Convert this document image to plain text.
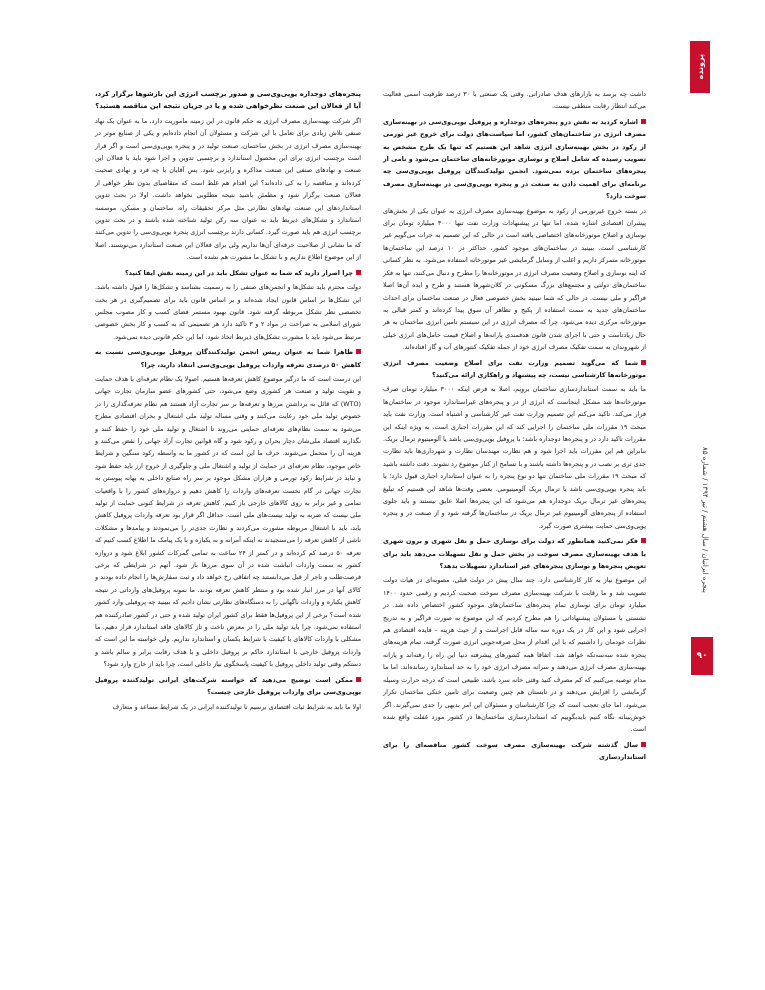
پرونده

داشت چه برسد به بازارهای هدف صادراتی. وقتی یک صنعتی با ۳۰ درصد ظرفیت اسمی فعالیت می‌کند انتظار رقابت منطقی نیست.

اشاره کردید به نقش درو پنجره‌های دوجداره و پروفیل یوپی‌وی‌سی در بهینه‌سازی مصرف انرژی در ساختمان‌های کشور، اما سیاست‌های دولت برای خروج غیر تورمی از رکود در بخش بهینه‌سازی انرژی شاهد این هستیم که تنها یک طرح مشخص به تصویب رسیده که شامل اصلاح و نوسازی موتورخانه‌های ساختمان می‌شود و نامی از پنجره‌های ساختمان برده نمی‌شود. انجمن تولیدکنندگان پروفیل یوپی‌وی‌سی چه برنامه‌ای برای اهمیت دادن به صنعت در و پنجره یوپی‌وی‌سی در بهینه‌سازی مصرف سوخت دارد؟

در بسته خروج غیرتورمی از رکود به موضوع بهینه‌سازی مصرف انرژی به عنوان یکی از بخش‌های پیشران اقتصادی اشاره شده، اما تنها در پیشنهادات وزارت نفت تنها ۳۰۰۰ میلیارد تومان برای نوسازی و اصلاح موتورخانه‌های اختصاصی یافته است در حالی که این تصمیم به جرات می‌گویم غیر کارشناسی است. ببینید در ساختمان‌های موجود کشور، حداکثر در ۱۰ درصد این ساختمان‌ها موتورخانه متمرکز داریم و اغلب از وسایل گرمایشی غیر موتورخانه استفاده می‌شود. به نظر کسانی که اینه نوسازی و اصلاح وضعیت مصرف انرژی در موتورخانه‌ها را مطرح و دنبال می‌کنند، تنها به فکر ساختمان‌های دولتی و مجتمع‌های بزرگ مسکونی در کلان‌شهرها هستند و طرح و ایده آن‌ها اصلا فراگیر و ملی نیست. در حالی که شما نبینید بخش خصوصی فعال در صنعت ساختمان برای احداث ساختمان‌های جدید به سمت استفاده از پکیج و تظاهر آن سوق پیدا کرده‌اند و کمتر قبالی به موتورخانه مرکزی دیده می‌شود. چرا که مصرف انرژی در این سیستم تامین انرژی ساختمان به هر حال زیادتاست و حتی با اجرای شدن قانون هدفمندی یارانه‌ها و اصلاح قیمت حامل‌های انرژی خیلی از شهروندان به سمت تفکیک مصرف انرژی خود از جمله تفکیک کنتورهای آب و گاز افتاده‌اند.

شما که می‌گوید تصمیم وزارت نفت برای اصلاح وضعیت مصرف انرژی موتورخانه‌ها کارشناسی نیست، چه پیشنهاد و راهکاری ارائه می‌کنید؟

ما باید به سمت استانداردسازی ساختمان برویم، اصلا به فرض اینکه ۳۰۰۰ میلیارد تومان صرف موتورخانه‌ها شد مشکل اینجاست که انرژی از در و پنجره‌های غیراستاندارد موجود در ساختمان‌ها فرار می‌کند. تاکید می‌کنم این تصمیم وزارت نفت غیر کارشناسی و اشتباه است. وزارت نفت باید مبحث ۱۹ مقررات ملی ساختمان را اجرایی کند که این مقررات اجباری است، به ویژه اینکه این مقررات تاکید دارد در و پنجره‌ها دوجداره باشد؛ با پروفیل یوپی‌وی‌سی باشد یا آلومینیوم ترمال بریک. بنابراین هم این مقررات باید اجرا شود و هم نظارت مهندسان نظارت و شهرداری‌ها باید نظارت جدی تری بر نصب در و پنجره‌ها داشته باشند و با تسامح از کنار موضوع رد نشوند. دقت داشته باشید که مبحث ۱۹ مقررات ملی ساختمان تنها دو نوع پنجره را به عنوان استاندارد اجباری قبول دارد؛ یا باید پنجره یوپی‌وی‌سی باشد یا ترمال بریک آلومینیومی. بعضی وقت‌ها شاهد این هستیم که تبلیغ پنجره‌های غیر ترمال بریک دوجداره هم می‌شود که این پنجره‌ها اصلا عایق نیستند و باید جلوی استفاده از پنجره‌های آلومینیوم غیر ترمال بریک در ساختمان‌ها گرفته شود و از صنعت در و پنجره یوپی‌وی‌سی حمایت بیشتری صورت گیرد.

فکر نمی‌کنید همانطور که دولت برای نوسازی حمل و نقل شهری و برون شهری با هدف بهینه‌سازی مصرف سوخت در بخش حمل و نقل تسهیلات می‌دهد باید برای تعویض پنجره‌ها و نوسازی پنجره‌های غیر استاندارد تسهیلات بدهد؟

این موضوع نیاز به کار کارشناسی دارد. چند سال پیش در دولت قبلی، مصوبه‌ای در هیات دولت تصویب شد و ما رقابت با شرکت بهینه‌سازی مصرف سوخت صحبت کردیم و رقمی حدود ۱۴۰۰ میلیارد تومان برای نوسازی تمام پنجره‌های ساختمان‌های موجود کشور اختصاص داده شد. در نشستی با مسئولان پیشنهاداتی را هم مطرح کردیم که این موضوع به صورت فراگیر و به تدریج اجرایی شود و این کار در یک دوره سه ساله قابل اجراست و از حیث هزینه – فایده اقتصادی هم نظرات خودمان را داشتیم که با این اقدام از محل صرفه‌جویی انرژی صورت گرفته، تمام هزینه‌های پنجره شده سه‌سه‌تکه خواهد شد. اتفاقا همه کشورهای پیشرفته دنیا این راه را رفته‌اند و یارانه بهینه‌سازی مصرف انرژی می‌دهند و سرانه مصرف انرژی خود را به حد استاندارد رسانده‌اند. اما ما مدام توصیه می‌کنیم که کم مصرف کنید وقتی خانه سرد باشد، طبیعی است که درجه حرارت وسیله گرمایشی را افزایش می‌دهند و در تابستان هم چنین وضعیت برای تامین خنکی ساختمان تکرار می‌شود. اما جای تعجب است که چرا کارشناسان و مسئولان این امر بدیهی را جدی نمی‌گیرند. اگر خوش‌بینانه نگاه کنیم بایدبگوییم که استانداردسازی ساختمان‌ها در کشور مورد غفلت واقع شده است.

سال گذشته شرکت بهینه‌سازی مصرف سوخت کشور مناقصه‌ای را برای استانداردسازی

پنجره‌های دوجداره یوپی‌وی‌سی و صدور برچسب انرژی این بازشوها برگزار کرد، آیا از فعالان این صنعت نظرخواهی شده و یا در جریان نتیجه این مناقصه هستید؟

اگر شرکت بهینه‌سازی مصرف انرژی به حکم قانون در این زمینه ماموریت دارد، ما به عنوان یک نهاد صنفی تلاش زیادی برای تعامل با این شرکت و مسئولان آن انجام داده‌ایم و یکی از صنایع موثر در بهینه‌سازی مصرف انرژی در بخش ساختمان، صنعت تولید در و پنجره یوپی‌وی‌سی است و اگر قرار است برچسب انرژی برای این محصول استاندارد و برچسبی تدوین و اجرا شود باید با فعالان این صنعت و نهادهای صنفی این صنعت مذاکره و رایزنی شود. پس آقایان با چه فرد و نهادی صحبت کرده‌اند و مناقصه را به کی داده‌اند؟ این اقدام هم غلط است که متقاضیای بدون نظر خواهی از فعالان صنعت برگزار شود و مطمئن باشید نتیجه مطلوبی نخواهد داشت. اولا در بحث تدوین استانداردهای این صنعت نهادهای نظارتی مثل مرکز تحقیقات راه، ساختمان و مسکن، موسسه استاندارد و تشکل‌های ذیربط باید به عنوان سه رکن تولید شناخته شده باشند و در بحث تدوین برچسب انرژی هم باید صورت گیرد. کسانی دارند برچسب انرژی پنجره یوپی‌وی‌سی را تدوین می‌کنند که ما نشانی از صلاحیت حرفه‌ای آن‌ها نداریم ولی برای فعالان این صنعت استاندارد می‌نویسند. اصلا از این موضوع اطلاع نداریم و با تشکل ما مشورت هم نشده است.

چرا اصرار دارید که شما به عنوان تشکل باید در این زمینه نقش ایفا کنید؟

دولت محترم باید تشکل‌ها و انجمن‌های صنفی را به رسمیت بشناسد و تشکل‌ها را قبول داشته باشد. این تشکل‌ها بر اساس قانون ایجاد شده‌اند و بر اساس قانون باید برای تصمیم‌گیری در هر بخت تخصصی نظر تشکل مربوطه گرفته شود. قانون بهبود مستمر فضای کسب و کار مصوب مجلس شورای اسلامی به صراحت در مواد ۲ و ۳ تاکید دارد هر تصمیمی که به کسب و کار بخش خصوصی مرتبط می‌شود باید با مشورت تشکل‌های ذیربط اتخاذ شود. اما این حکم قانونی دیده نمی‌شود.

ظاهرا شما به عنوان رییس انجمن تولیدکنندگان پروفیل یوپی‌وی‌سی نسبت به کاهش ۵۰ درصدی تعرفه واردات پروفیل یوپی‌وی‌سی انتقاد دارید، چرا؟

این درست است که ما درگیر موضوع کاهش تعرفه‌ها هستیم. اصولا یک نظام تعرفه‌ای با هدف حمایت و تقویت تولید و صنعت هر کشوری وضع می‌شود، حتی کشورهای عضو سازمان تجارت جهانی (WTO) که قائل به برداشتن مرزها و تعرفه‌ها بر سر تجارت آزاد هستند هم نظام تعرفه‌گذاری را در خصوص تولید ملی خود رعایت می‌کنند و وقتی مساله تولید ملی اشتغال و بحران اقتصادی مطرح می‌شود به سمت نظام‌های تعرفه‌ای حمایتی می‌روند تا اشتغال و تولید ملی خود را حفظ کنند و نگذارند اقتصاد ملی‌شان دچار بحران و رکود شود و گاه قوانین تجارت آزاد جهانی را نقض می‌کنند و هزینه آن را متحمل می‌شوند. حرف ما این است که در کشور ما به واسطه رکود سنگین و شرایط خاص موجود، نظام تعرفه‌ای در حمایت از تولید و اشتغال ملی و جلوگیری از خروج ارز باید حفظ شود و نباید در شرایط رکود تورمی و هزاران مشکل موجود بر سر راه صنایع داخلی به بهانه پیوستن به تجارت جهانی در گام نخست تعرفه‌های واردات را کاهش دهیم و دروازه‌های کشور را با واقعیات تمامی و غیر برابر به روی کالاهای خارجی باز کنیم. کاهش تعرفه در شرایط کنونی حمایت از تولید ملی نیست که ضربه به تولید نیست‌های ملی است. حداقل اگر قرار بود تعرفه واردات پروفیل کاهش یابد، باید با اشتغال مربوطه مشورت می‌کردند و نظارت جدی‌تر را می‌نمودند و پیامدها و مشکلات ناشی از کاهش تعرفه را می‌سنجیدند نه اینکه آمرانه و به یکباره و با یک پیامک ما اطلاع کسب کنیم که تعرفه ۵۰ درصد کم کرده‌اند و در کمتر از ۲۴ ساعت به تمامی گمرکات کشور ابلاغ شود و دروازه کشور به سمت واردات انباشت شده در آن سوی مرزها باز شود. آنهم در شرایطی که برخی فرصت‌طلب و تاجر از قبل می‌دانستند چه اتفاقی رخ خواهد داد و ثبت سفارش‌ها را انجام داده بودند و کالای آنها در مرز انبار شده بود و منتظر کاهش تعرفه بودند. ما نمونه پروفیل‌های وارداتی در نتیجه کاهش یکباره و واردات ناگهانی را به دستگاه‌های نظارتی نشان دادیم که ببینید چه پروفیلی وارد کشور شده است؟ برخی از این پروفیل‌ها فقط برای کشور ایران تولید شده و حتی در کشور صادرکننده هم استفاده نمی‌شود. چرا باید تولید ملی را در معرض تاخت و تاز کالاهای فاقد استاندارد قرار دهیم. ما مشکلی با واردات کالاهای با کیفیت با شرایط یکسان و استاندارد نداریم. ولی خواسته ما این است که واردات پروفیل خارجی با استاندارد حاکم بر پروفیل داخلی و با هدف رقابت برابر و سالم باشد و دستکم وقتی تولید داخلی پروفیل با کیفیت پاسخگوی نیاز داخلی است، چرا باید از خارج وارد شود؟

ممکن است توضیح می‌دهید که خواسته شرکت‌های ایرانی تولیدکننده پروفیل یوپی‌وی‌سی برای واردات پروفیل خارجی چیست؟

اولا ما باید به شرایط ثبات اقتصادی برسیم تا تولیدکننده ایرانی در یک شرایط مساعد و متعارف

پنجره ایرانیان / سال هشتم / تیر ۱۳۹۴ / شماره ۸۵
۹۰
